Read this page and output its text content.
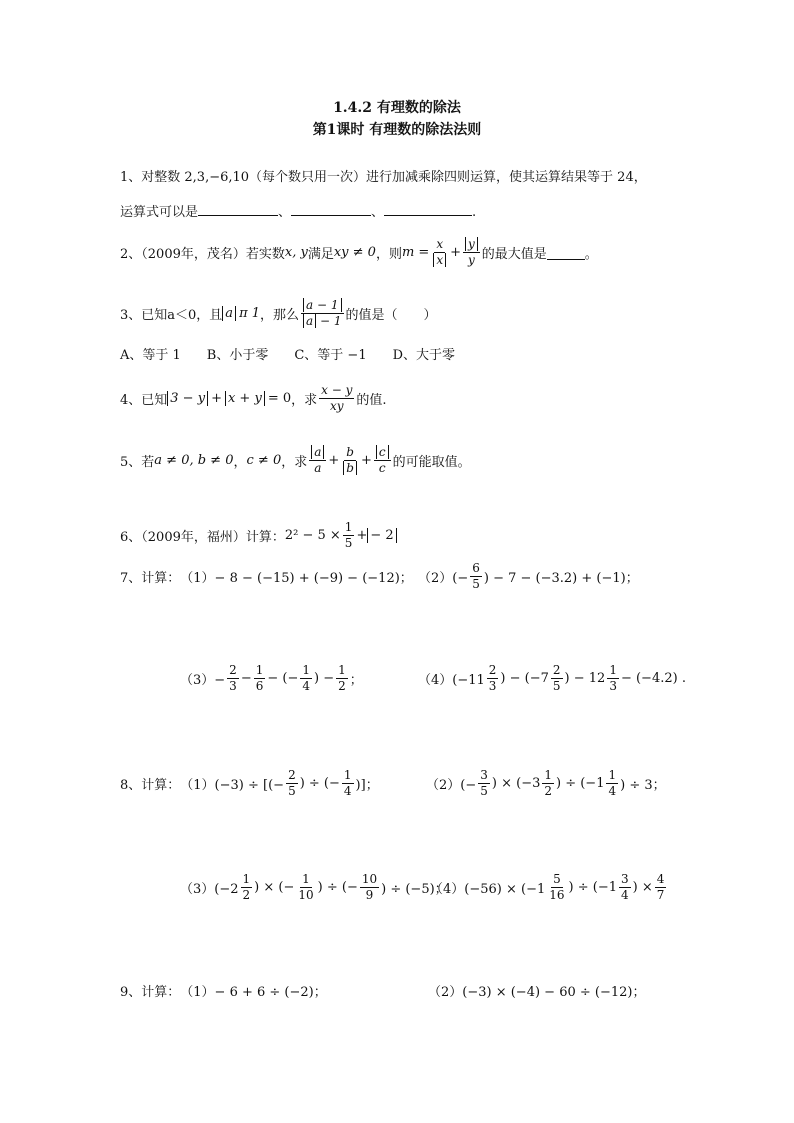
1.4.2 有理数的除法
第1课时 有理数的除法法则
1、对整数 2,3,−6,10（每个数只用一次）进行加减乘除四则运算，使其运算结果等于 24，
运算式可以是	、	、	.
2、（2009年，茂名）若实数 x, y 满足 xy ≠ 0 ，则 $m = \frac{x}{x} + \frac{y}{y}$ 的最大值是	。
3、已知a＜0，且 a π 1 ，那么 $\frac{a - 1}{a - 1}$ 的值是（　　）
A、等于 1　　B、小于零　　C、等于 −1　　D、大于零
4、已知 3 − y + x + y = 0 ，求 $\frac{x - y}{xy}$ 的值.
5、若 a ≠ 0, b ≠ 0 ， c ≠ 0 ，求 $\frac{a}{a} + \frac{b}{b} + \frac{c}{c}$ 的可能取值。
6、（2009年，福州）计算： $2^2 - 5 \times \frac{1}{5}$ + − 2
7、计算： （1）− 8 − (−15) + (−9) − (−12)； $(2)(- \frac{6}{5}$ ) − 7 − (−3.2) + (−1)；
$(3)- \frac{2}{3} - \frac{1}{6}$ − (− $\frac{1}{4}$ ) − $\frac{1}{2}$ ；	$(4)(-11 \frac{2}{3}$ ) − ($-7 \frac{2}{5}$ ) − $12 \frac{1}{3} - (-4.2)$ .
8、计算： （1）(−3) ÷ [(− $\frac{2}{5}$ ) ÷ (− $\frac{1}{4}$ )]；	$(2)(- \frac{3}{5}$ ) × ($-3 \frac{1}{2}$ ) ÷ ($-1 \frac{1}{4}$ ) ÷ 3；
$(3)(-2 \frac{1}{2}$ ) × (− $\frac{1}{10}$ ) ÷ (− $\frac{10}{9}$ ) ÷ (−5)；
$(4)(-56) \times (-1 \frac{5}{16}$ ) ÷ ($-1 \frac{3}{4}$ ) × $\frac{4}{7}$
9、计算： （1）− 6 + 6 ÷ (−2)；	（2）(−3) × (−4) − 60 ÷ (−12)；
